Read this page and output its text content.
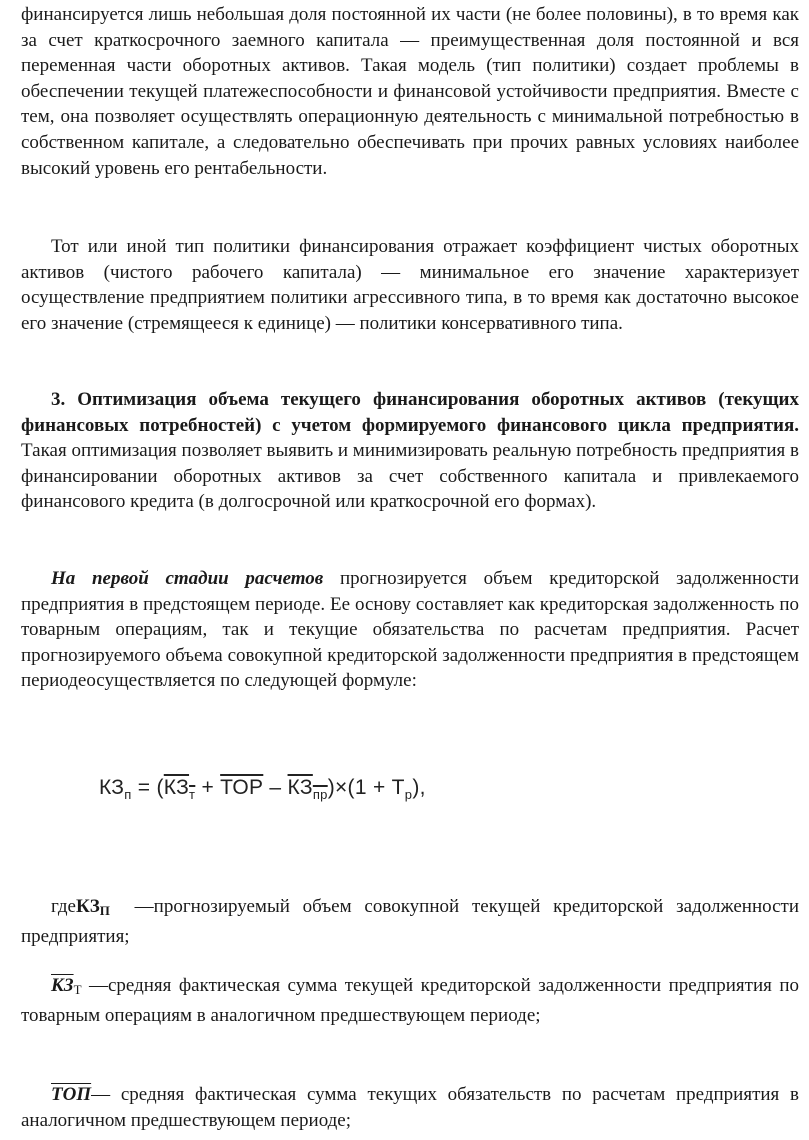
финансируется лишь небольшая доля постоянной их части (не более половины), в то время как за счет краткосрочного заемного капитала — преимущественная доля постоянной и вся переменная части оборотных активов. Такая модель (тип политики) создает проблемы в обеспечении текущей платежеспособности и финансовой устойчивости предприятия. Вместе с тем, она позволяет осуществлять операционную деятельность с минимальной потребностью в собственном капитале, а следовательно обеспечивать при прочих равных условиях наиболее высокий уровень его рентабельности.

Тот или иной тип политики финансирования отражает коэффициент чистых оборотных активов (чистого рабочего капитала) — минимальное его значение характеризует осуществление предприятием политики агрессивного типа, в то время как достаточно высокое его значение (стремящееся к единице) — политики консервативного типа.

3. Оптимизация объема текущего финансирования оборотных активов (текущих финансовых потребностей) с учетом формируемого финансового цикла предприятия. Такая оптимизация позволяет выявить и минимизировать реальную потребность предприятия в финансировании оборотных активов за счет собственного капитала и привлекаемого финансового кредита (в долгосрочной или краткосрочной его формах).

На первой стадии расчетов прогнозируется объем кредиторской задолженности предприятия в предстоящем периоде. Ее основу составляет как кредиторская задолженность по товарным операциям, так и текущие обязательства по расчетам предприятия. Расчет прогнозируемого объема совокупной кредиторской задолженности предприятия в предстоящем периодеосуществляется по следующей формуле:

$КЗ_п = (КЗ_т$ + ТОР – $КЗ_{пр})\times(1 + Т_р)$,

гдеКЗП —прогнозируемый объем совокупной текущей кредиторской задолженности предприятия;

КЗТ —средняя фактическая сумма текущей кредиторской задолженности предприятия по товарным операциям в аналогичном предшествующем периоде;

ТОП— средняя фактическая сумма текущих обязательств по расчетам предприятия в аналогичном предшествующем периоде;
